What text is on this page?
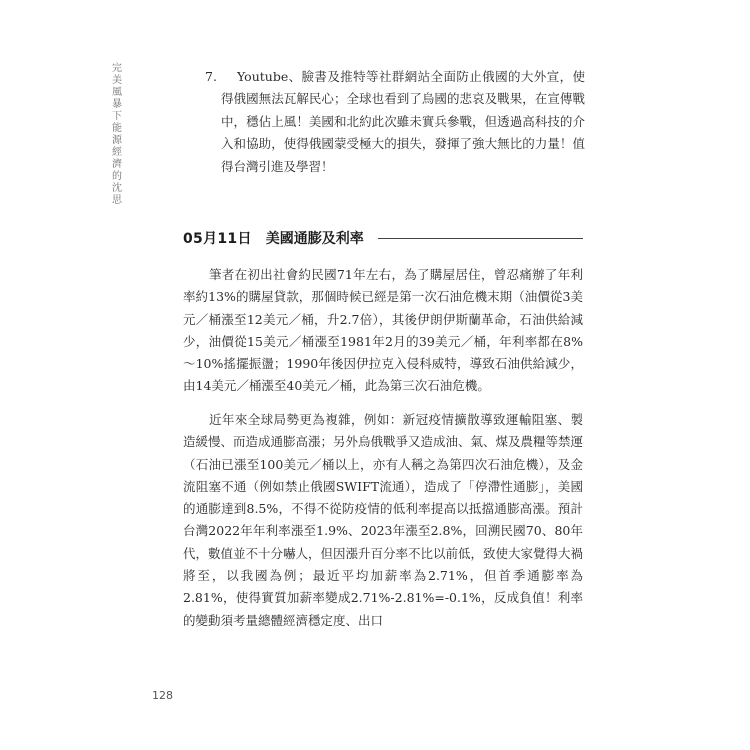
完美風暴下能源經濟的沈思
7.	Youtube、臉書及推特等社群網站全面防止俄國的大外宣，使得俄國無法瓦解民心；全球也看到了烏國的悲哀及戰果，在宣傳戰中，穩佔上風！美國和北約此次雖未實兵參戰，但透過高科技的介入和協助，使得俄國蒙受極大的損失，發揮了強大無比的力量！值得台灣引進及學習！
05月11日 美國通膨及利率

筆者在初出社會約民國71年左右，為了購屋居住，曾忍痛辦了年利率約13%的購屋貸款，那個時候已經是第一次石油危機末期（油價從3美元／桶漲至12美元／桶，升2.7倍），其後伊朗伊斯蘭革命，石油供給減少，油價從15美元／桶漲至1981年2月的39美元／桶，年利率都在8%～10%搖擺振盪；1990年後因伊拉克入侵科威特，導致石油供給減少，由14美元／桶漲至40美元／桶，此為第三次石油危機。

近年來全球局勢更為複雜，例如：新冠疫情擴散導致運輸阻塞、製造緩慢、而造成通膨高漲；另外烏俄戰爭又造成油、氣、煤及農糧等禁運（石油已漲至100美元／桶以上，亦有人稱之為第四次石油危機），及金流阻塞不通（例如禁止俄國SWIFT流通），造成了「停滯性通膨」，美國的通膨達到8.5%，不得不從防疫情的低利率提高以抵擋通膨高漲。預計台灣2022年年利率漲至1.9%、2023年漲至2.8%，回溯民國70、80年代，數值並不十分嚇人，但因漲升百分率不比以前低，致使大家覺得大禍將至，以我國為例；最近平均加薪率為2.71%，但首季通膨率為2.81%，使得實質加薪率變成2.71%-2.81%=-0.1%，反成負值！利率的變動須考量總體經濟穩定度、出口

128
